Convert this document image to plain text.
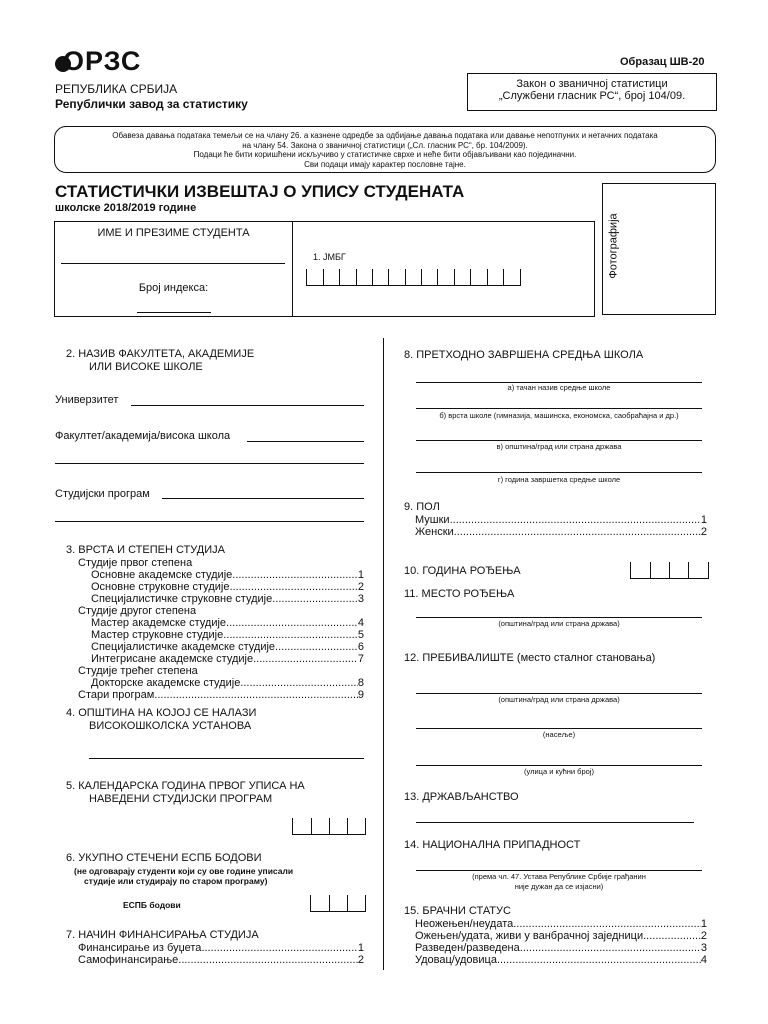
ОРЗС
РЕПУБЛИКА СРБИЈА
Републички завод за статистику
Образац ШВ-20
Закон о званичној статистици
„Службени гласник РС“, број 104/09.
Обавеза давања података темељи се на члану 26. а казнене одредбе за одбијање давања података или давање непотпуних и нетачних података
на члану 54. Закона о званичној статистици („Сл. гласник РС“, бр. 104/2009).
Подаци ће бити коришћени искључиво у статистичке сврхе и неће бити објављивани као појединачни.
Сви подаци имају карактер пословне тајне.
СТАТИСТИЧКИ ИЗВЕШТАЈ О УПИСУ СТУДЕНАТА
школске 2018/2019 године
Фотографија
ИМЕ И ПРЕЗИМЕ СТУДЕНТА
Број индекса:
1. ЈМБГ
2. НАЗИВ ФАКУЛТЕТА, АКАДЕМИЈЕ
ИЛИ ВИСОКЕ ШКОЛЕ
Универзитет
Факултет/академија/висока школа
Студијски програм
3. ВРСТА И СТЕПЕН СТУДИЈА
Студије првог степена
Основне академске студије .....	1
Основне струковне студије .....	2
Специјалистичке струковне студије .....	3
Студије другог степена
Мастер академске студије .....	4
Мастер струковне студије .....	5
Специјалистичке академске студије .....	6
Интегрисане академске студије .....	7
Студије трећег степена
Докторске академске студије .....	8
Стари програм .....	9
4. ОПШТИНА НА КОЈОЈ СЕ НАЛАЗИ
ВИСОКОШКОЛСКА УСТАНОВА
5. КАЛЕНДАРСКА ГОДИНА ПРВОГ УПИСА НА
НАВЕДЕНИ СТУДИЈСКИ ПРОГРАМ
6. УКУПНО СТЕЧЕНИ ЕСПБ БОДОВИ
(не одговарају студенти који су ове године уписали
студије или студирају по старом програму)
ЕСПБ бодови
7. НАЧИН ФИНАНСИРАЊА СТУДИЈА
Финансирање из буџета .....	1
Самофинансирање .....	2
8. ПРЕТХОДНО ЗАВРШЕНА СРЕДЊА ШКОЛА
а) тачан назив средње школе
б) врста школе (гимназија, машинска, економска, саобраћајна и др.)
в) општина/град или страна држава
г) година завршетка средње школе
9. ПОЛ
Мушки .....	1
Женски .....	2
10. ГОДИНА РОЂЕЊА
11. МЕСТО РОЂЕЊА
(општина/град или страна држава)
12. ПРЕБИВАЛИШТЕ (место сталног становања)
(општина/град или страна држава)
(насеље)
(улица и кућни број)
13. ДРЖАВЉАНСТВО
14. НАЦИОНАЛНА ПРИПАДНОСТ
(према чл. 47. Устава Републике Србије грађанин
није дужан да се изјасни)
15. БРАЧНИ СТАТУС
Неожењен/неудата .....	1
Ожењен/удата, живи у ванбрачној заједници .....	2
Разведен/разведена .....	3
Удовац/удовица .....	4
